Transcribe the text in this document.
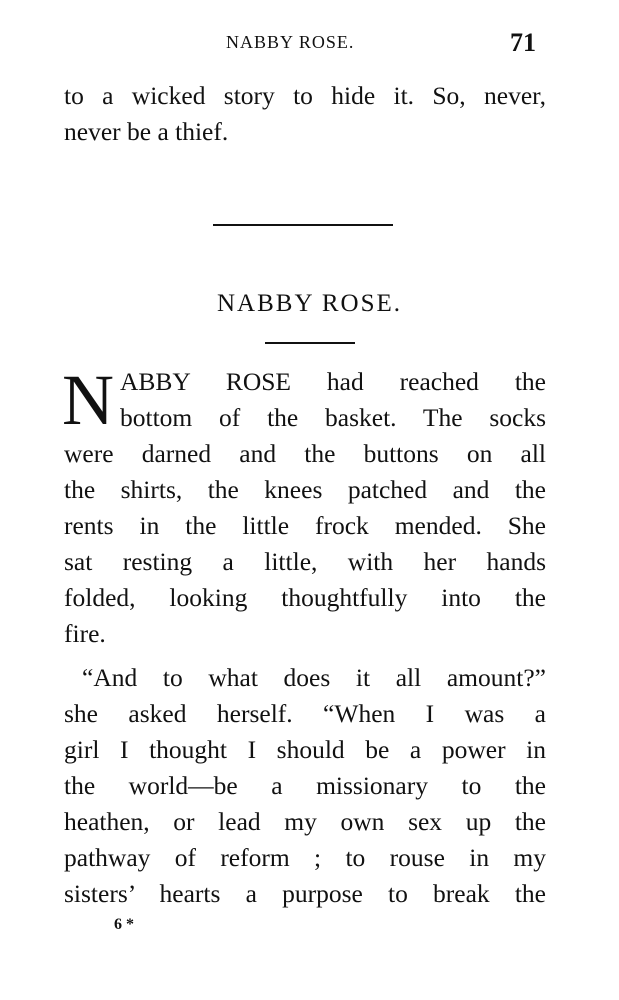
NABBY ROSE.	71
to a wicked story to hide it. So, never,
never be a thief.
NABBY ROSE.
N ABBY ROSE had reached the
bottom of the basket. The socks
were darned and the buttons on all
the shirts, the knees patched and the
rents in the little frock mended. She
sat resting a little, with her hands
folded, looking thoughtfully into the
fire.
“And to what does it all amount?”
she asked herself. “When I was a
girl I thought I should be a power in
the world—be a missionary to the
heathen, or lead my own sex up the
pathway of reform ; to rouse in my
sisters’ hearts a purpose to break the
6 *
